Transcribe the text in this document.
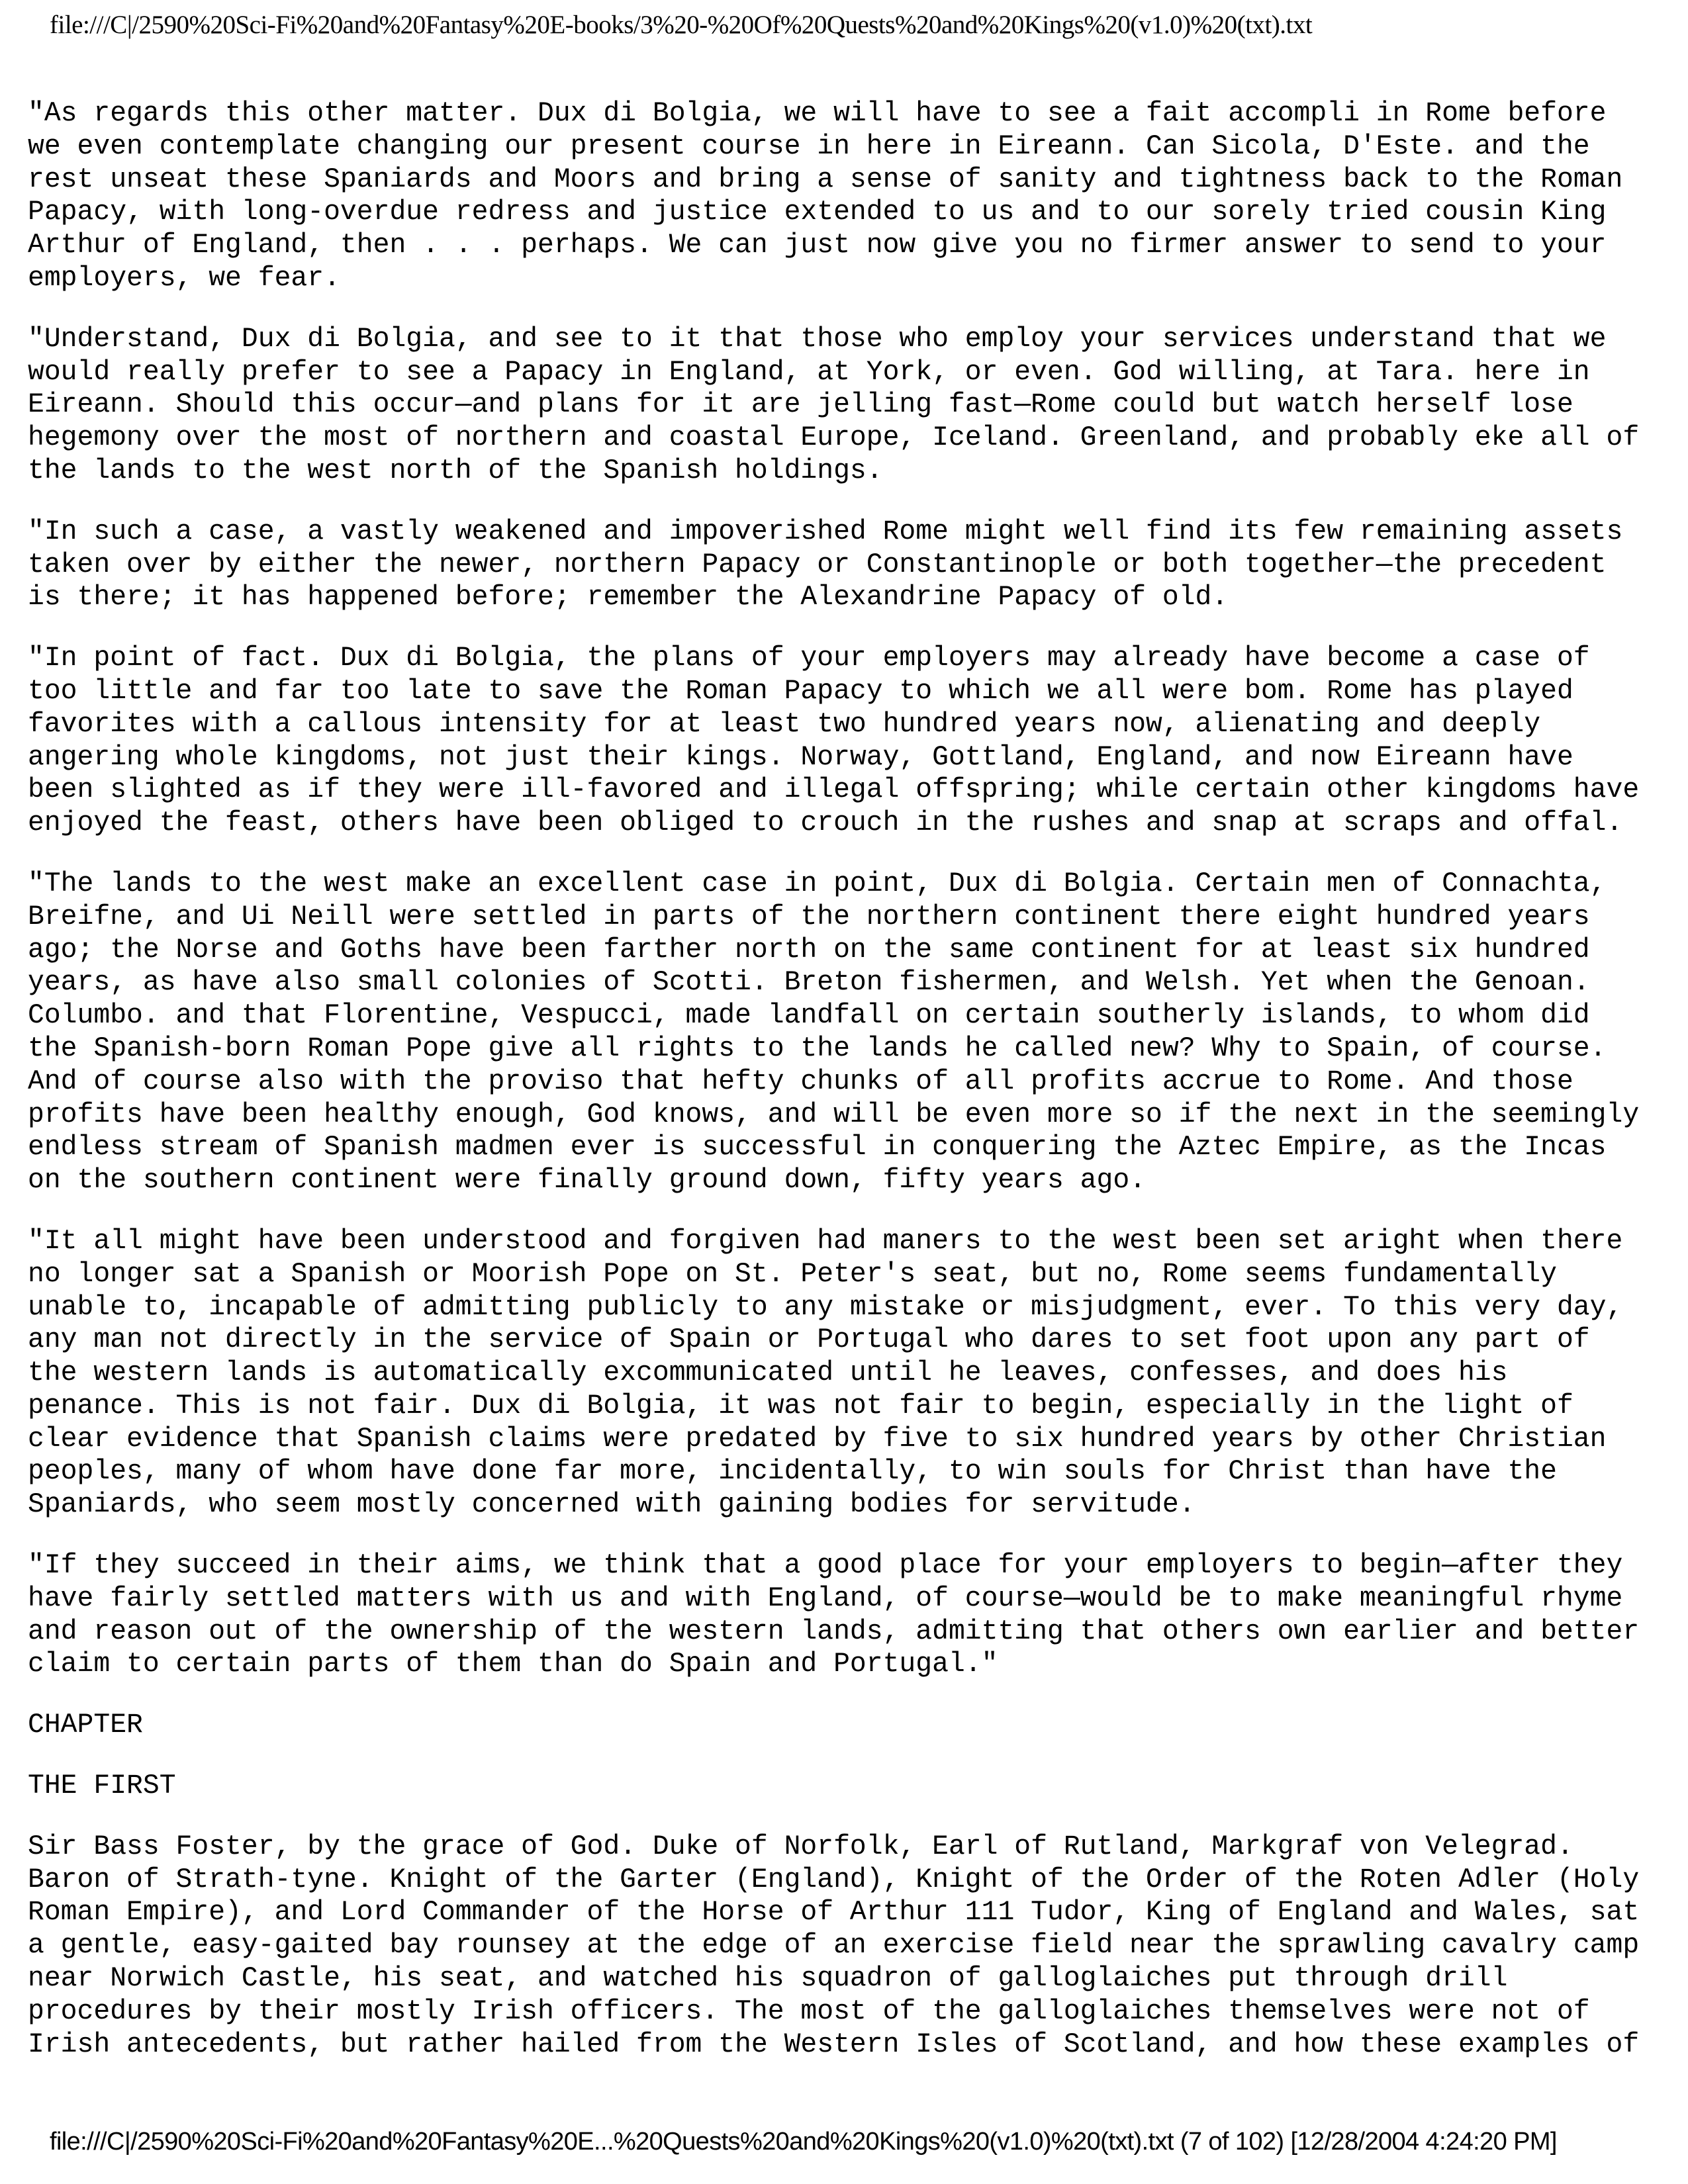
file:///C|/2590%20Sci-Fi%20and%20Fantasy%20E-books/3%20-%20Of%20Quests%20and%20Kings%20(v1.0)%20(txt).txt
"As regards this other matter. Dux di Bolgia, we will have to see a fait accompli in Rome before
we even contemplate changing our present course in here in Eireann. Can Sicola, D'Este. and the
rest unseat these Spaniards and Moors and bring a sense of sanity and tightness back to the Roman
Papacy, with long-overdue redress and justice extended to us and to our sorely tried cousin King
Arthur of England, then . . . perhaps. We can just now give you no firmer answer to send to your
employers, we fear.
"Understand, Dux di Bolgia, and see to it that those who employ your services understand that we
would really prefer to see a Papacy in England, at York, or even. God willing, at Tara. here in
Eireann. Should this occur—and plans for it are jelling fast—Rome could but watch herself lose
hegemony over the most of northern and coastal Europe, Iceland. Greenland, and probably eke all of
the lands to the west north of the Spanish holdings.
"In such a case, a vastly weakened and impoverished Rome might well find its few remaining assets
taken over by either the newer, northern Papacy or Constantinople or both together—the precedent
is there; it has happened before; remember the Alexandrine Papacy of old.
"In point of fact. Dux di Bolgia, the plans of your employers may already have become a case of
too little and far too late to save the Roman Papacy to which we all were bom. Rome has played
favorites with a callous intensity for at least two hundred years now, alienating and deeply
angering whole kingdoms, not just their kings. Norway, Gottland, England, and now Eireann have
been slighted as if they were ill-favored and illegal offspring; while certain other kingdoms have
enjoyed the feast, others have been obliged to crouch in the rushes and snap at scraps and offal.
"The lands to the west make an excellent case in point, Dux di Bolgia. Certain men of Connachta,
Breifne, and Ui Neill were settled in parts of the northern continent there eight hundred years
ago; the Norse and Goths have been farther north on the same continent for at least six hundred
years, as have also small colonies of Scotti. Breton fishermen, and Welsh. Yet when the Genoan.
Columbo. and that Florentine, Vespucci, made landfall on certain southerly islands, to whom did
the Spanish-born Roman Pope give all rights to the lands he called new? Why to Spain, of course.
And of course also with the proviso that hefty chunks of all profits accrue to Rome. And those
profits have been healthy enough, God knows, and will be even more so if the next in the seemingly
endless stream of Spanish madmen ever is successful in conquering the Aztec Empire, as the Incas
on the southern continent were finally ground down, fifty years ago.
"It all might have been understood and forgiven had maners to the west been set aright when there
no longer sat a Spanish or Moorish Pope on St. Peter's seat, but no, Rome seems fundamentally
unable to, incapable of admitting publicly to any mistake or misjudgment, ever. To this very day,
any man not directly in the service of Spain or Portugal who dares to set foot upon any part of
the western lands is automatically excommunicated until he leaves, confesses, and does his
penance. This is not fair. Dux di Bolgia, it was not fair to begin, especially in the light of
clear evidence that Spanish claims were predated by five to six hundred years by other Christian
peoples, many of whom have done far more, incidentally, to win souls for Christ than have the
Spaniards, who seem mostly concerned with gaining bodies for servitude.
"If they succeed in their aims, we think that a good place for your employers to begin—after they
have fairly settled matters with us and with England, of course—would be to make meaningful rhyme
and reason out of the ownership of the western lands, admitting that others own earlier and better
claim to certain parts of them than do Spain and Portugal."
CHAPTER
THE FIRST
Sir Bass Foster, by the grace of God. Duke of Norfolk, Earl of Rutland, Markgraf von Velegrad.
Baron of Strath-tyne. Knight of the Garter (England), Knight of the Order of the Roten Adler (Holy
Roman Empire), and Lord Commander of the Horse of Arthur 111 Tudor, King of England and Wales, sat
a gentle, easy-gaited bay rounsey at the edge of an exercise field near the sprawling cavalry camp
near Norwich Castle, his seat, and watched his squadron of galloglaiches put through drill
procedures by their mostly Irish officers. The most of the galloglaiches themselves were not of
Irish antecedents, but rather hailed from the Western Isles of Scotland, and how these examples of
file:///C|/2590%20Sci-Fi%20and%20Fantasy%20E...%20Quests%20and%20Kings%20(v1.0)%20(txt).txt (7 of 102) [12/28/2004 4:24:20 PM]
